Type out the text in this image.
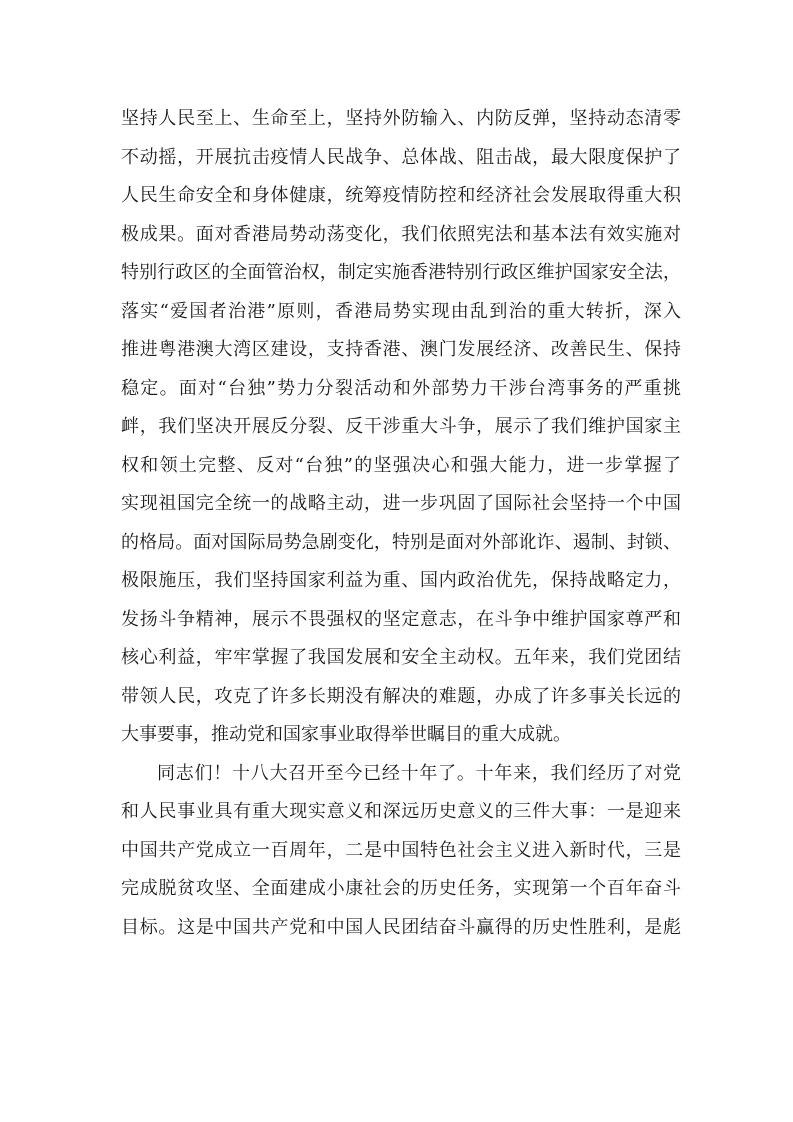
坚持人民至上、生命至上，坚持外防输入、内防反弹，坚持动态清零
不动摇，开展抗击疫情人民战争、总体战、阻击战，最大限度保护了
人民生命安全和身体健康，统筹疫情防控和经济社会发展取得重大积
极成果。面对香港局势动荡变化，我们依照宪法和基本法有效实施对
特别行政区的全面管治权，制定实施香港特别行政区维护国家安全法，
落实“爱国者治港”原则，香港局势实现由乱到治的重大转折，深入
推进粤港澳大湾区建设，支持香港、澳门发展经济、改善民生、保持
稳定。面对“台独”势力分裂活动和外部势力干涉台湾事务的严重挑
衅，我们坚决开展反分裂、反干涉重大斗争，展示了我们维护国家主
权和领土完整、反对“台独”的坚强决心和强大能力，进一步掌握了
实现祖国完全统一的战略主动，进一步巩固了国际社会坚持一个中国
的格局。面对国际局势急剧变化，特别是面对外部讹诈、遏制、封锁、
极限施压，我们坚持国家利益为重、国内政治优先，保持战略定力，
发扬斗争精神，展示不畏强权的坚定意志，在斗争中维护国家尊严和
核心利益，牢牢掌握了我国发展和安全主动权。五年来，我们党团结
带领人民，攻克了许多长期没有解决的难题，办成了许多事关长远的
大事要事，推动党和国家事业取得举世瞩目的重大成就。
同志们！十八大召开至今已经十年了。十年来，我们经历了对党
和人民事业具有重大现实意义和深远历史意义的三件大事：一是迎来
中国共产党成立一百周年，二是中国特色社会主义进入新时代，三是
完成脱贫攻坚、全面建成小康社会的历史任务，实现第一个百年奋斗
目标。这是中国共产党和中国人民团结奋斗赢得的历史性胜利，是彪
